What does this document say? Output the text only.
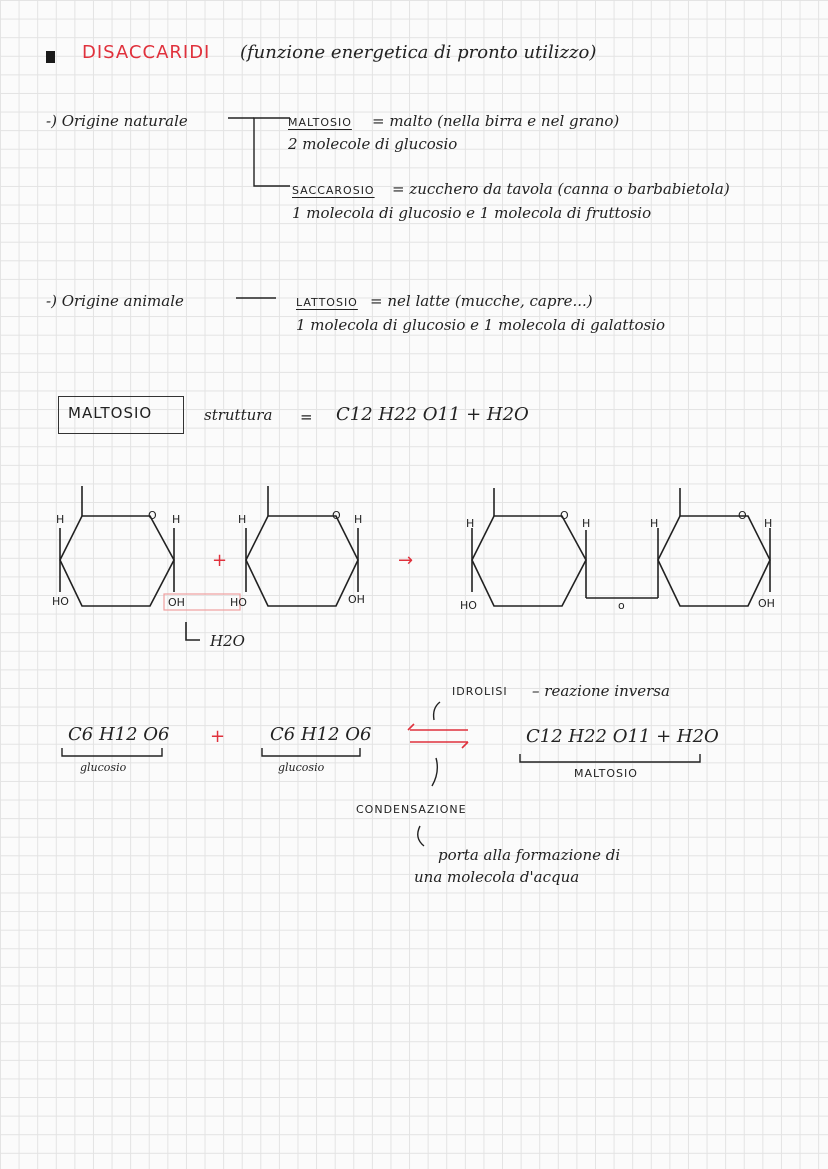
DISACCARIDI (funzione energetica di pronto utilizzo)
-) Origine naturale	MALTOSIO = malto (nella birra e nel grano)
2 molecole di glucosio
SACCAROSIO = zucchero da tavola (canna o barbabietola)
1 molecola di glucosio e 1 molecola di fruttosio
-) Origine animale	LATTOSIO = nel latte (mucche, capre...)
1 molecola di glucosio e 1 molecola di galattosio
MALTOSIO	struttura = C12 H22 O11 + H2O
H	O H
HO	OH
+
H	O H
HO	OH
H2O
→
H
O
H
HO	o
H
O
H
OH
C6 H12 O6
glucosio
+ C6 H12 O6
glucosio
IDROLISI – reazione inversa
C12 H22 O11 + H2O
MALTOSIO
CONDENSAZIONE
porta alla formazione di
una molecola d'acqua
